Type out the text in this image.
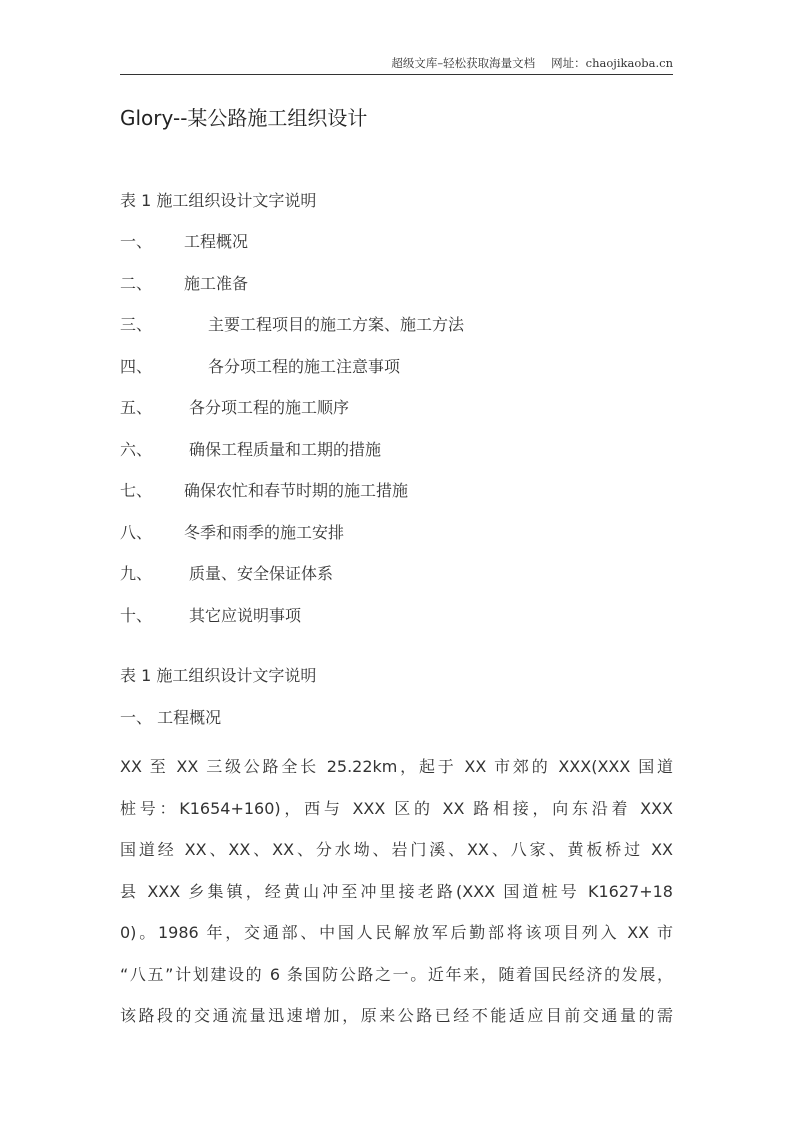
超级文库–轻松获取海量文档 网址：chaojikaoba.cn
Glory--某公路施工组织设计
表 1 施工组织设计文字说明
一、 工程概况
二、 施工准备
三、	主要工程项目的施工方案、施工方法
四、	各分项工程的施工注意事项
五、 各分项工程的施工顺序
六、 确保工程质量和工期的措施
七、 确保农忙和春节时期的施工措施
八、 冬季和雨季的施工安排
九、 质量、安全保证体系
十、 其它应说明事项
表 1 施工组织设计文字说明
一、 工程概况
XX 至 XX 三级公路全长 25.22km，起于 XX 市郊的 XXX(XXX 国道
桩号：K1654+160)，西与 XXX 区的 XX 路相接，向东沿着 XXX
国道经 XX、XX、XX、分水坳、岩门溪、XX、八家、黄板桥过 XX
县 XXX 乡集镇，经黄山冲至冲里接老路(XXX 国道桩号 K1627+18
0)。1986 年，交通部、中国人民解放军后勤部将该项目列入 XX 市
“八五”计划建设的 6 条国防公路之一。近年来，随着国民经济的发展，
该路段的交通流量迅速增加，原来公路已经不能适应目前交通量的需
